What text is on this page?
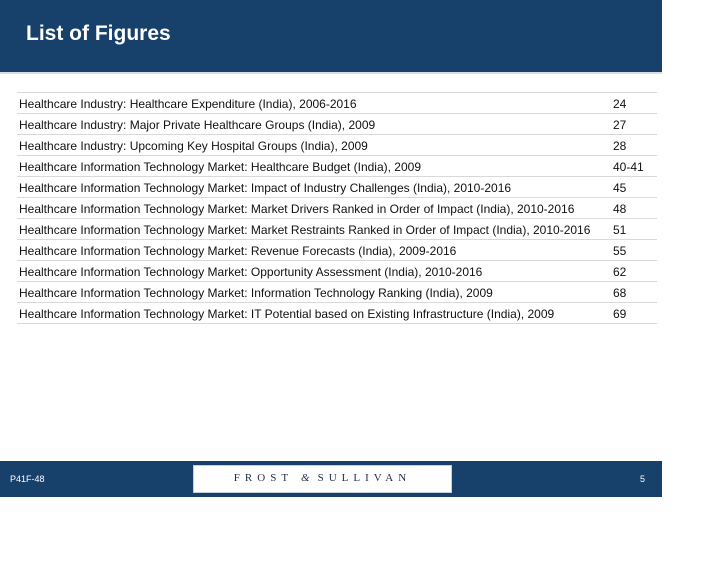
List of Figures
Healthcare Industry: Healthcare Expenditure (India), 2006-2016	24
Healthcare Industry: Major Private Healthcare Groups (India), 2009	27
Healthcare Industry: Upcoming Key Hospital Groups (India), 2009	28
Healthcare Information Technology Market: Healthcare Budget (India), 2009	40-41
Healthcare Information Technology Market: Impact of Industry Challenges (India), 2010-2016	45
Healthcare Information Technology Market: Market Drivers Ranked in Order of Impact (India), 2010-2016	48
Healthcare Information Technology Market: Market Restraints Ranked in Order of Impact (India), 2010-2016 51
Healthcare Information Technology Market: Revenue Forecasts (India), 2009-2016	55
Healthcare Information Technology Market: Opportunity Assessment (India), 2010-2016	62
Healthcare Information Technology Market: Information Technology Ranking (India), 2009	68
Healthcare Information Technology Market: IT Potential based on Existing Infrastructure (India), 2009	69
P41F-48	5
FROST & SULLIVAN
